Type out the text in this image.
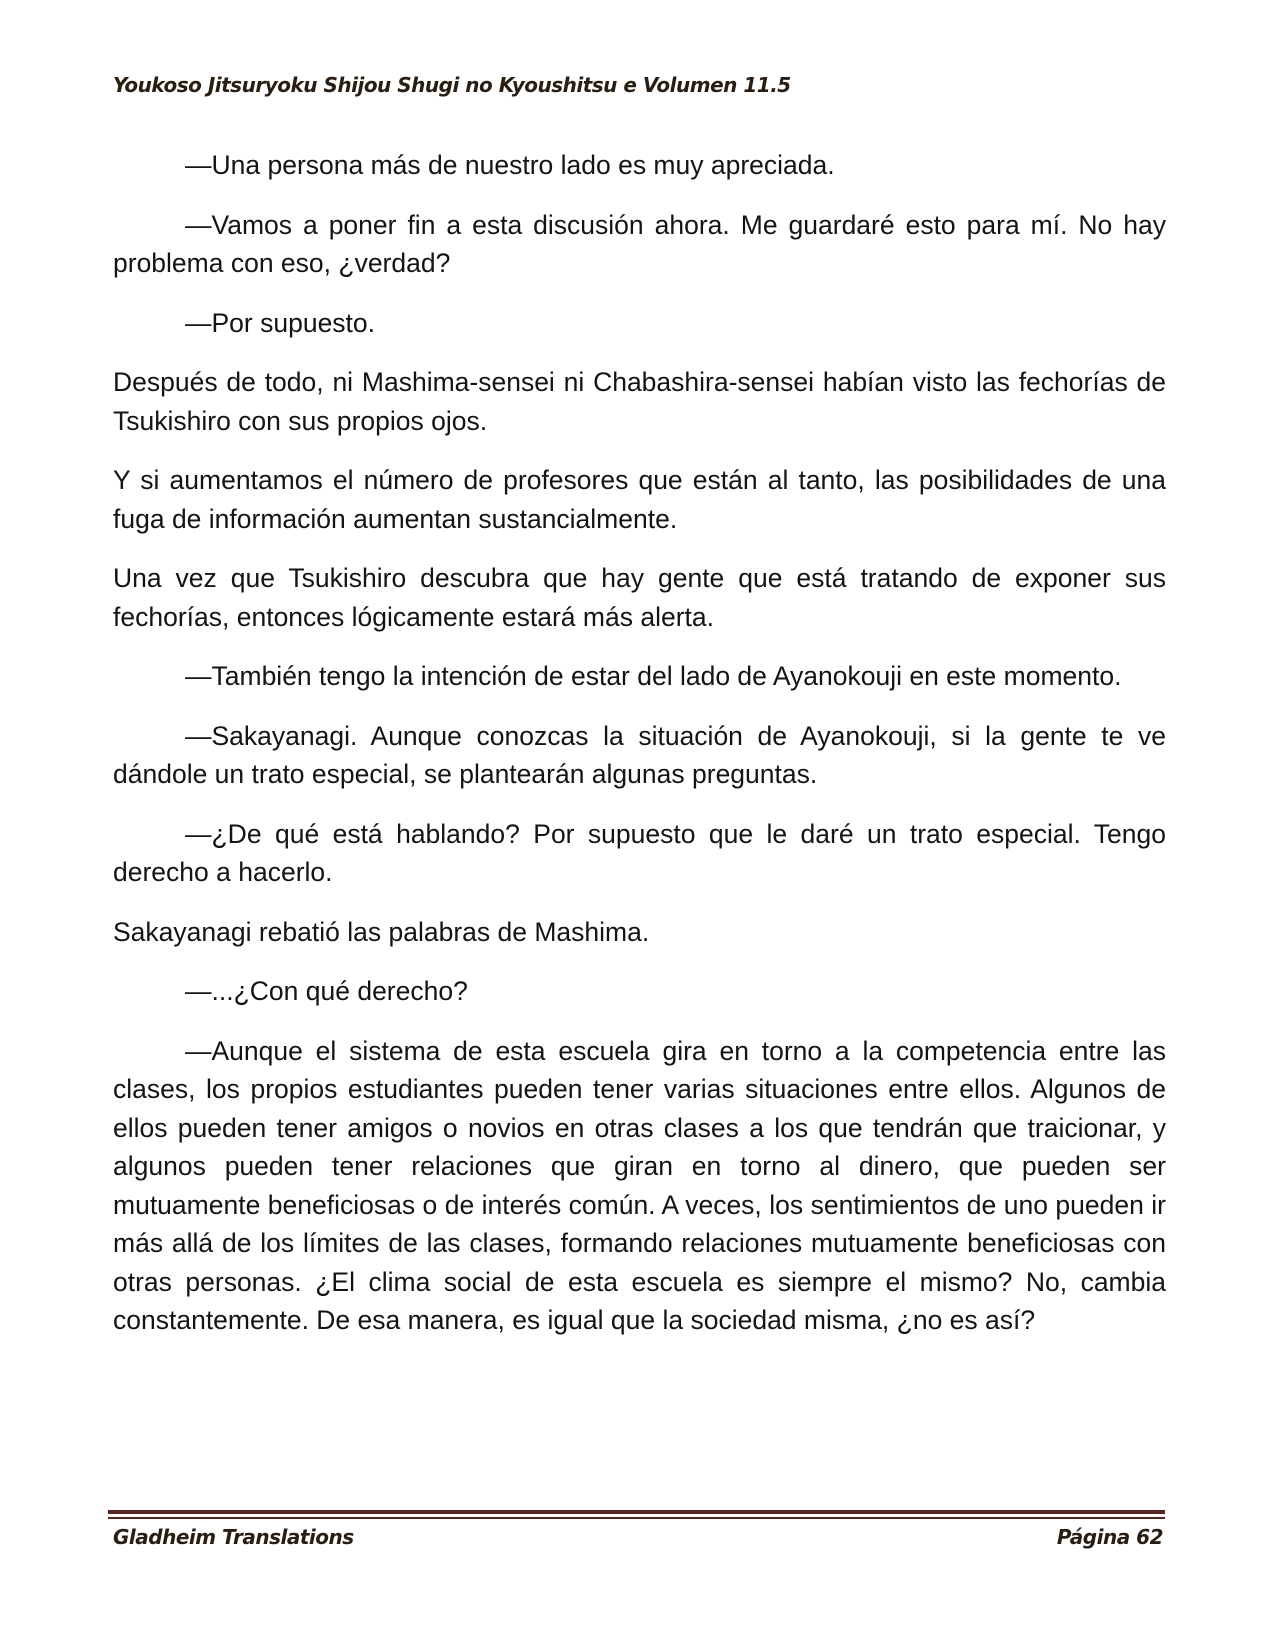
Youkoso Jitsuryoku Shijou Shugi no Kyoushitsu e Volumen 11.5

—Una persona más de nuestro lado es muy apreciada.

—Vamos a poner fin a esta discusión ahora. Me guardaré esto para mí. No hay problema con eso, ¿verdad?

—Por supuesto.

Después de todo, ni Mashima-sensei ni Chabashira-sensei habían visto las fechorías de Tsukishiro con sus propios ojos.

Y si aumentamos el número de profesores que están al tanto, las posibilidades de una fuga de información aumentan sustancialmente.

Una vez que Tsukishiro descubra que hay gente que está tratando de exponer sus fechorías, entonces lógicamente estará más alerta.

—También tengo la intención de estar del lado de Ayanokouji en este momento.

—Sakayanagi. Aunque conozcas la situación de Ayanokouji, si la gente te ve dándole un trato especial, se plantearán algunas preguntas.

—¿De qué está hablando? Por supuesto que le daré un trato especial. Tengo derecho a hacerlo.

Sakayanagi rebatió las palabras de Mashima.

—...¿Con qué derecho?

—Aunque el sistema de esta escuela gira en torno a la competencia entre las clases, los propios estudiantes pueden tener varias situaciones entre ellos. Algunos de ellos pueden tener amigos o novios en otras clases a los que tendrán que traicionar, y algunos pueden tener relaciones que giran en torno al dinero, que pueden ser mutuamente beneficiosas o de interés común. A veces, los sentimientos de uno pueden ir más allá de los límites de las clases, formando relaciones mutuamente beneficiosas con otras personas. ¿El clima social de esta escuela es siempre el mismo? No, cambia constantemente. De esa manera, es igual que la sociedad misma, ¿no es así?

Gladheim Translations	Página 62
